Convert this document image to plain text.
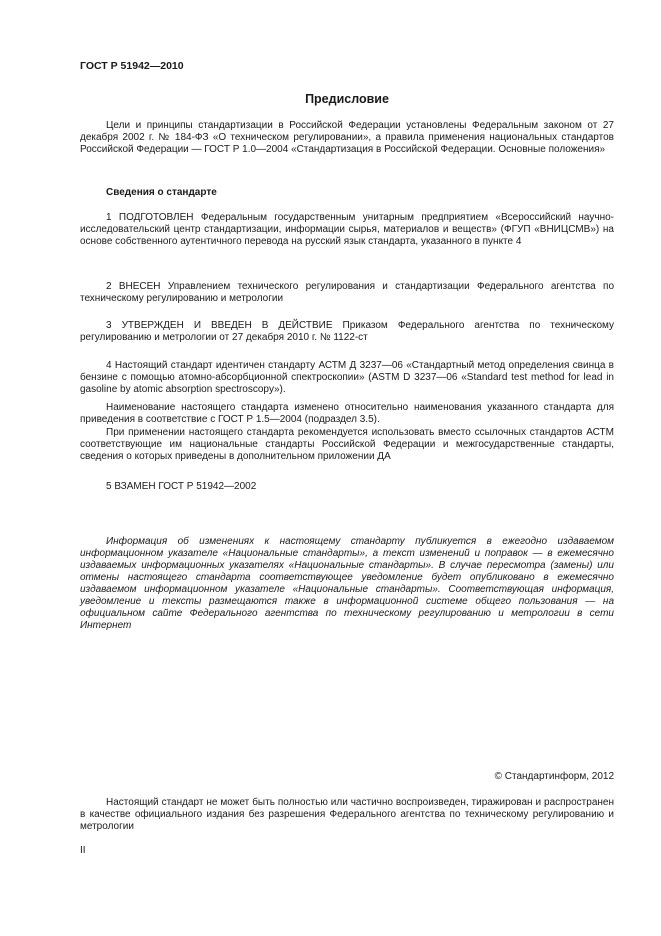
ГОСТ Р 51942—2010

Предисловие

Цели и принципы стандартизации в Российской Федерации установлены Федеральным законом от 27 декабря 2002 г. № 184-ФЗ «О техническом регулировании», а правила применения национальных стандартов Российской Федерации — ГОСТ Р 1.0—2004 «Стандартизация в Российской Федерации. Основные положения»

Сведения о стандарте

1 ПОДГОТОВЛЕН Федеральным государственным унитарным предприятием «Всероссийский научно-исследовательский центр стандартизации, информации сырья, материалов и веществ» (ФГУП «ВНИЦСМВ») на основе собственного аутентичного перевода на русский язык стандарта, указанного в пункте 4

2 ВНЕСЕН Управлением технического регулирования и стандартизации Федерального агентства по техническому регулированию и метрологии

3 УТВЕРЖДЕН И ВВЕДЕН В ДЕЙСТВИЕ Приказом Федерального агентства по техническому регулированию и метрологии от 27 декабря 2010 г. № 1122-ст

4 Настоящий стандарт идентичен стандарту АСТМ Д 3237—06 «Стандартный метод определения свинца в бензине с помощью атомно-абсорбционной спектроскопии» (ASTM D 3237—06 «Standard test method for lead in gasoline by atomic absorption spectroscopy»).

Наименование настоящего стандарта изменено относительно наименования указанного стандарта для приведения в соответствие с ГОСТ Р 1.5—2004 (подраздел 3.5).

При применении настоящего стандарта рекомендуется использовать вместо ссылочных стандартов АСТМ соответствующие им национальные стандарты Российской Федерации и межгосударственные стандарты, сведения о которых приведены в дополнительном приложении ДА

5 ВЗАМЕН ГОСТ Р 51942—2002

Информация об изменениях к настоящему стандарту публикуется в ежегодно издаваемом информационном указателе «Национальные стандарты», а текст изменений и поправок — в ежемесячно издаваемых информационных указателях «Национальные стандарты». В случае пересмотра (замены) или отмены настоящего стандарта соответствующее уведомление будет опубликовано в ежемесячно издаваемом информационном указателе «Национальные стандарты». Соответствующая информация, уведомление и тексты размещаются также в информационной системе общего пользования — на официальном сайте Федерального агентства по техническому регулированию и метрологии в сети Интернет

© Стандартинформ, 2012

Настоящий стандарт не может быть полностью или частично воспроизведен, тиражирован и распространен в качестве официального издания без разрешения Федерального агентства по техническому регулированию и метрологии

II
